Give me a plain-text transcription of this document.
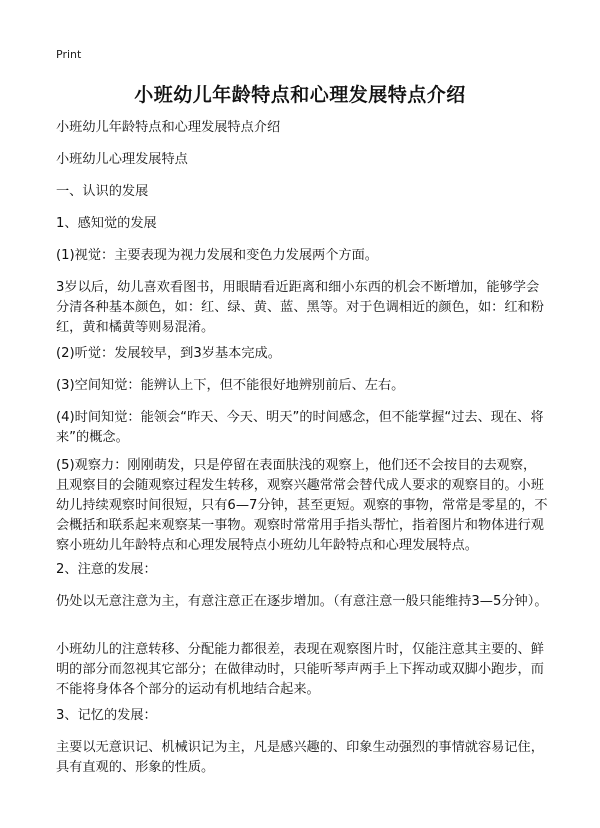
Print
小班幼儿年龄特点和心理发展特点介绍

小班幼儿年龄特点和心理发展特点介绍

小班幼儿心理发展特点

一、认识的发展

1、感知觉的发展

(1)视觉：主要表现为视力发展和变色力发展两个方面。

3岁以后，幼儿喜欢看图书，用眼睛看近距离和细小东西的机会不断增加，能够学会分清各种基本颜色，如：红、绿、黄、蓝、黑等。对于色调相近的颜色，如：红和粉红，黄和橘黄等则易混淆。

(2)听觉：发展较早，到3岁基本完成。

(3)空间知觉：能辨认上下，但不能很好地辨别前后、左右。

(4)时间知觉：能领会“昨天、今天、明天”的时间感念，但不能掌握“过去、现在、将来”的概念。

(5)观察力：刚刚萌发，只是停留在表面肤浅的观察上，他们还不会按目的去观察，且观察目的会随观察过程发生转移，观察兴趣常常会替代成人要求的观察目的。小班幼儿持续观察时间很短，只有6—7分钟，甚至更短。观察的事物，常常是零星的，不会概括和联系起来观察某一事物。观察时常常用手指头帮忙，指着图片和物体进行观察小班幼儿年龄特点和心理发展特点小班幼儿年龄特点和心理发展特点。

2、注意的发展：

仍处以无意注意为主，有意注意正在逐步增加。（有意注意一般只能维持3—5分钟）。

小班幼儿的注意转移、分配能力都很差，表现在观察图片时，仅能注意其主要的、鲜明的部分而忽视其它部分；在做律动时，只能听琴声两手上下挥动或双脚小跑步，而不能将身体各个部分的运动有机地结合起来。

3、记忆的发展：

主要以无意识记、机械识记为主，凡是感兴趣的、印象生动强烈的事情就容易记住，具有直观的、形象的性质。
